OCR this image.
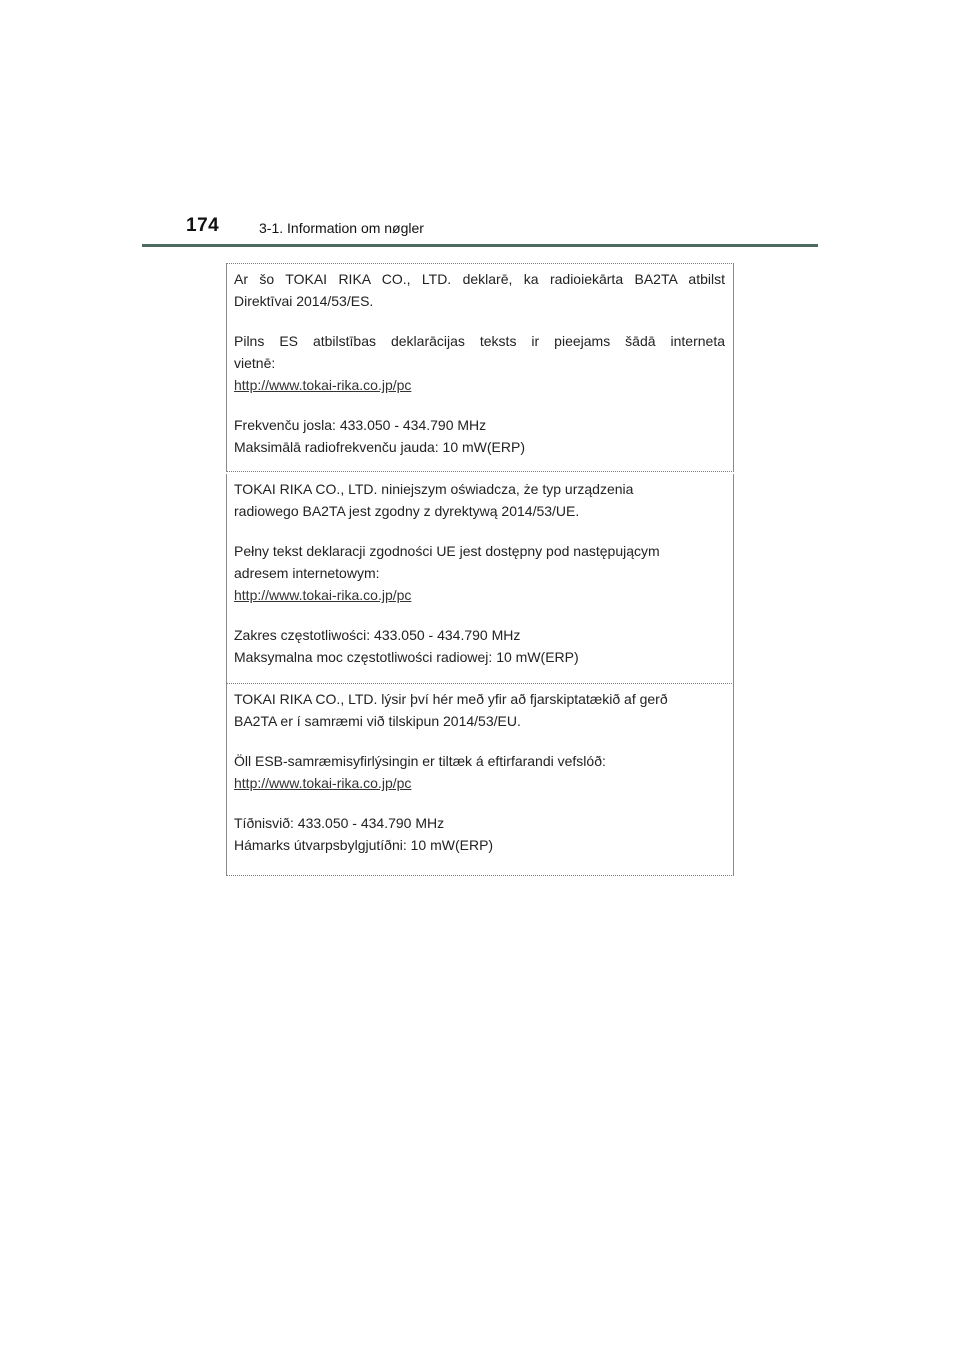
174	3-1. Information om nøgler

Ar šo TOKAI RIKA CO., LTD. deklarē, ka radioiekārta BA2TA atbilst

Direktīvai 2014/53/ES.

Pilns ES atbilstības deklarācijas teksts ir pieejams šādā interneta

vietnē:

http://www.tokai-rika.co.jp/pc

Frekvenču josla: 433.050 - 434.790 MHz

Maksimālā radiofrekvenču jauda: 10 mW(ERP)

TOKAI RIKA CO., LTD. niniejszym oświadcza, że typ urządzenia

radiowego BA2TA jest zgodny z dyrektywą 2014/53/UE.

Pełny tekst deklaracji zgodności UE jest dostępny pod następującym

adresem internetowym:

http://www.tokai-rika.co.jp/pc

Zakres częstotliwości: 433.050 - 434.790 MHz

Maksymalna moc częstotliwości radiowej: 10 mW(ERP)

TOKAI RIKA CO., LTD. lýsir því hér með yfir að fjarskiptatækið af gerð

BA2TA er í samræmi við tilskipun 2014/53/EU.

Öll ESB-samræmisyfirlýsingin er tiltæk á eftirfarandi vefslóð:

http://www.tokai-rika.co.jp/pc

Tíðnisvið: 433.050 - 434.790 MHz

Hámarks útvarpsbylgjutíðni: 10 mW(ERP)
